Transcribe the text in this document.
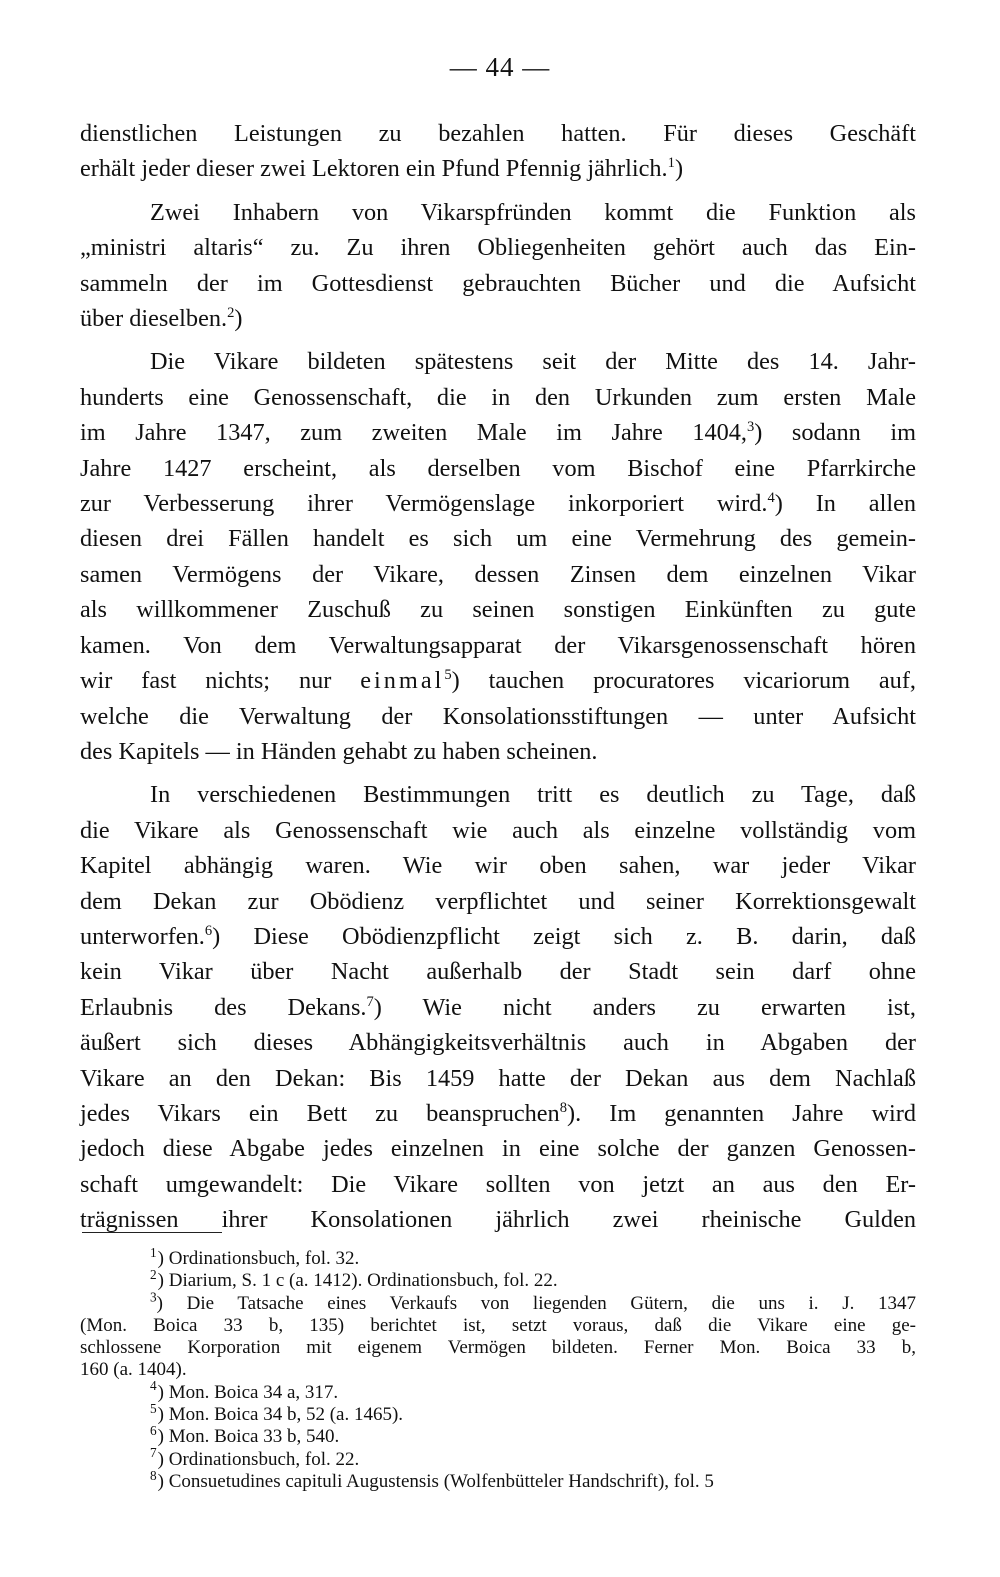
— 44 —

dienstlichen Leistungen zu bezahlen hatten. Für dieses Geschäft

erhält jeder dieser zwei Lektoren ein Pfund Pfennig jährlich.$^1$)

Zwei Inhabern von Vikarspfründen kommt die Funktion als

„ministri altaris“ zu. Zu ihren Obliegenheiten gehört auch das Ein-

sammeln der im Gottesdienst gebrauchten Bücher und die Aufsicht

über dieselben.$^2$)

Die Vikare bildeten spätestens seit der Mitte des 14. Jahr-

hunderts eine Genossenschaft, die in den Urkunden zum ersten Male

im Jahre 1347, zum zweiten Male im Jahre 1404,$^3$) sodann im

Jahre 1427 erscheint, als derselben vom Bischof eine Pfarrkirche

zur Verbesserung ihrer Vermögenslage inkorporiert wird.$^4$) In allen

diesen drei Fällen handelt es sich um eine Vermehrung des gemein-

samen Vermögens der Vikare, dessen Zinsen dem einzelnen Vikar

als willkommener Zuschuß zu seinen sonstigen Einkünften zu gute

kamen. Von dem Verwaltungsapparat der Vikarsgenossenschaft hören

wir fast nichts; nur einmal$^5$) tauchen procuratores vicariorum auf,

welche die Verwaltung der Konsolationsstiftungen — unter Aufsicht

des Kapitels — in Händen gehabt zu haben scheinen.

In verschiedenen Bestimmungen tritt es deutlich zu Tage, daß

die Vikare als Genossenschaft wie auch als einzelne vollständig vom

Kapitel abhängig waren. Wie wir oben sahen, war jeder Vikar

dem Dekan zur Obödienz verpflichtet und seiner Korrektionsgewalt

unterworfen.$^6$) Diese Obödienzpflicht zeigt sich z. B. darin, daß

kein Vikar über Nacht außerhalb der Stadt sein darf ohne

Erlaubnis des Dekans.$^7$) Wie nicht anders zu erwarten ist,

äußert sich dieses Abhängigkeitsverhältnis auch in Abgaben der

Vikare an den Dekan: Bis 1459 hatte der Dekan aus dem Nachlaß

jedes Vikars ein Bett zu beanspruchen$^8$). Im genannten Jahre wird

jedoch diese Abgabe jedes einzelnen in eine solche der ganzen Genossen-

schaft umgewandelt: Die Vikare sollten von jetzt an aus den Er-

trägnissen ihrer Konsolationen jährlich zwei rheinische Gulden

$^1$) Ordinationsbuch, fol. 32.
$^2$) Diarium, S. 1 c (a. 1412). Ordinationsbuch, fol. 22.
$^3$) Die Tatsache eines Verkaufs von liegenden Gütern, die uns i. J. 1347
(Mon. Boica 33 b, 135) berichtet ist, setzt voraus, daß die Vikare eine ge-
schlossene Korporation mit eigenem Vermögen bildeten. Ferner Mon. Boica 33 b,
160 (a. 1404).
$^4$) Mon. Boica 34 a, 317.
$^5$) Mon. Boica 34 b, 52 (a. 1465).
$^6$) Mon. Boica 33 b, 540.
$^7$) Ordinationsbuch, fol. 22.
$^8$) Consuetudines capituli Augustensis (Wolfenbütteler Handschrift), fol. 5
